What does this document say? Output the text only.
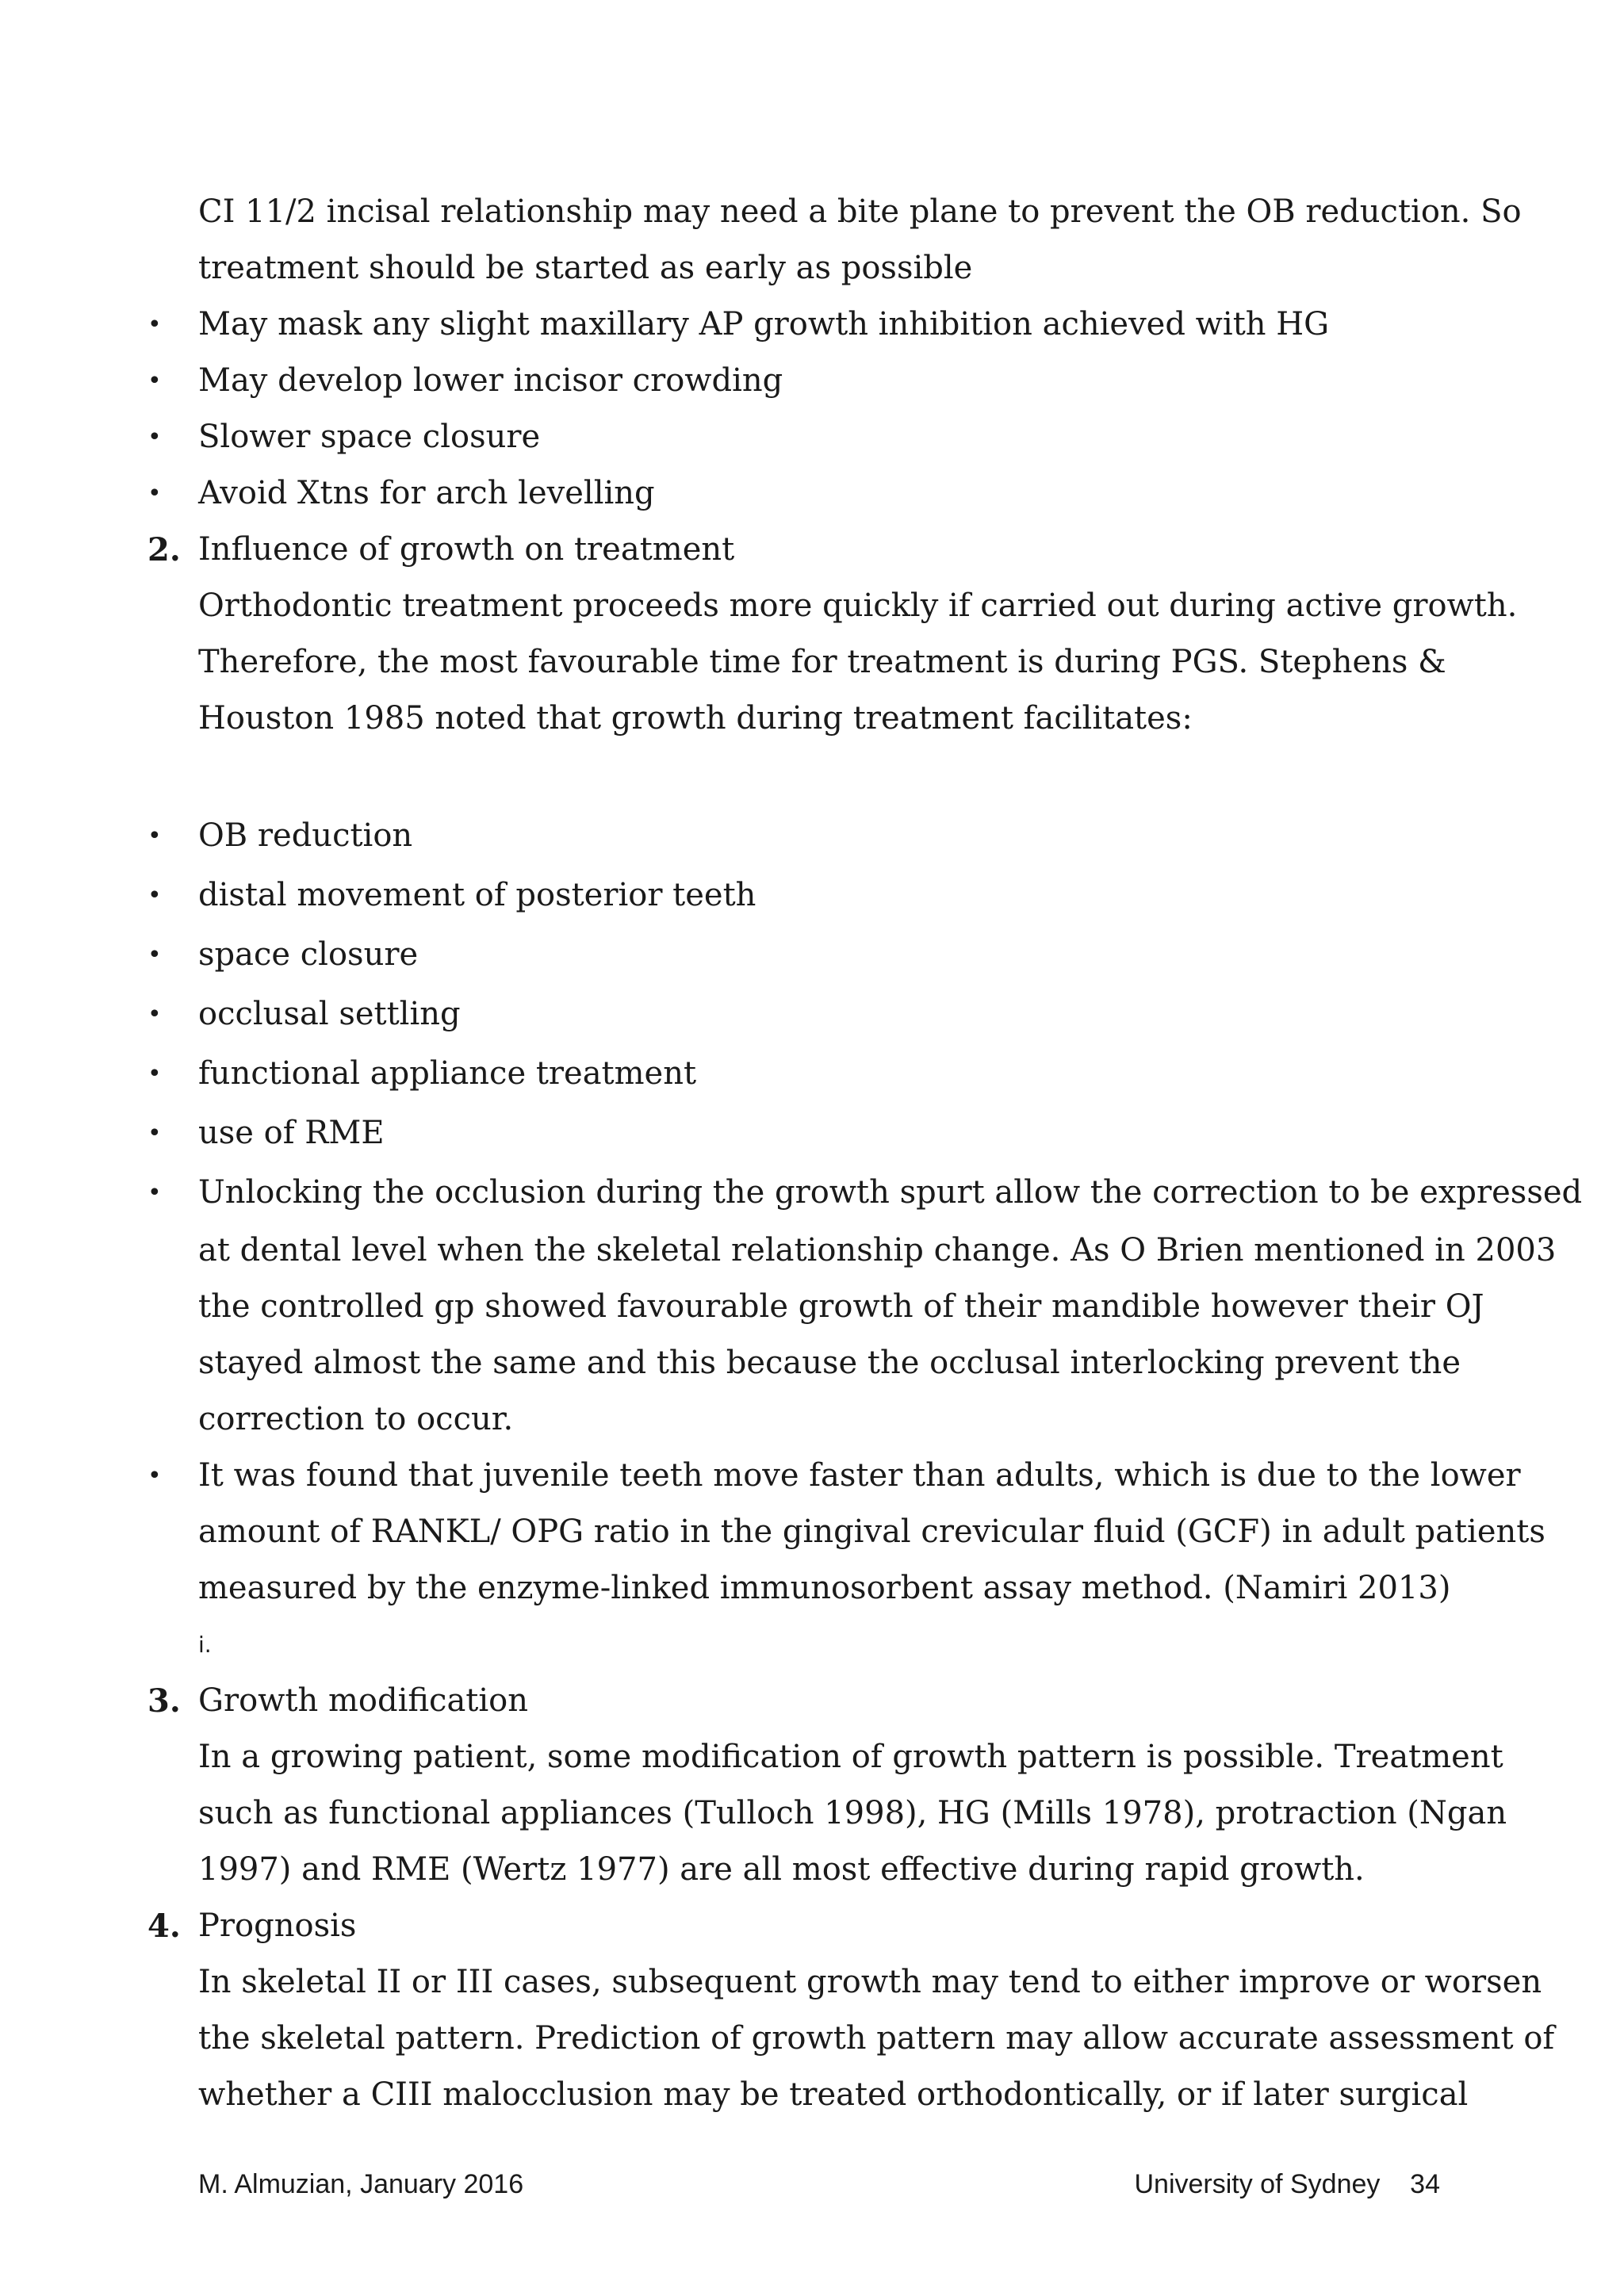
CI 11/2 incisal relationship may need a bite plane to prevent the OB reduction. So
treatment should be started as early as possible
• May mask any slight maxillary AP growth inhibition achieved with HG
• May develop lower incisor crowding
• Slower space closure
• Avoid Xtns for arch levelling
2. Influence of growth on treatment
Orthodontic treatment proceeds more quickly if carried out during active growth.
Therefore, the most favourable time for treatment is during PGS. Stephens &
Houston 1985 noted that growth during treatment facilitates:
• OB reduction
• distal movement of posterior teeth
• space closure
• occlusal settling
• functional appliance treatment
• use of RME
• Unlocking the occlusion during the growth spurt allow the correction to be expressed
at dental level when the skeletal relationship change. As O Brien mentioned in 2003
the controlled gp showed favourable growth of their mandible however their OJ
stayed almost the same and this because the occlusal interlocking prevent the
correction to occur.
• It was found that juvenile teeth move faster than adults, which is due to the lower
amount of RANKL/ OPG ratio in the gingival crevicular fluid (GCF) in adult patients
measured by the enzyme-linked immunosorbent assay method. (Namiri 2013)
i.
3. Growth modification
In a growing patient, some modification of growth pattern is possible. Treatment
such as functional appliances (Tulloch 1998), HG (Mills 1978), protraction (Ngan
1997) and RME (Wertz 1977) are all most effective during rapid growth.
4. Prognosis
In skeletal II or III cases, subsequent growth may tend to either improve or worsen
the skeletal pattern. Prediction of growth pattern may allow accurate assessment of
whether a CIII malocclusion may be treated orthodontically, or if later surgical
M. Almuzian, January 2016	University of Sydney    34
